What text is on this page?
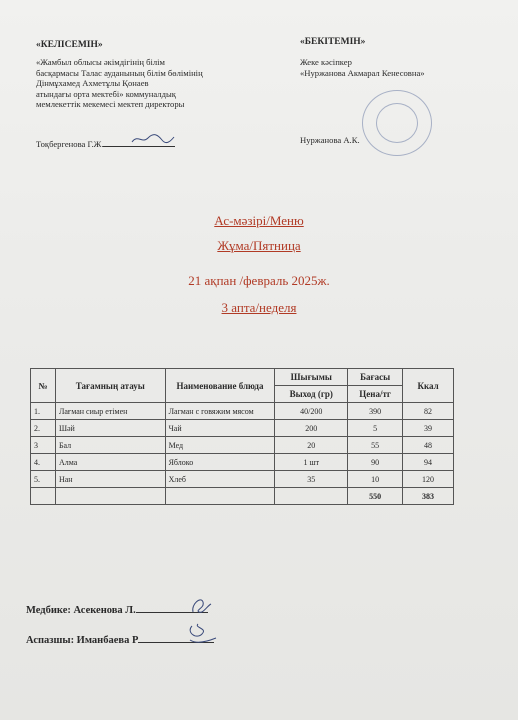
«КЕЛІСЕМІН»
«Жамбыл облысы әкімдігінің білім
басқармасы Талас ауданының білім бөлімінің
Дінмұхамед Ахметұлы Қонаев
атындағы орта мектебі» коммуналдық
мемлекеттік мекемесі мектеп директоры
Тоқбергенова Г.Ж.
«БЕКІТЕМІН»
Жеке кәсіпкер
«Нуржанова Акмарал Кенесовна»
Нуржанова А.К.
Ас-мәзірі/Меню
Жұма/Пятница
21 ақпан /февраль 2025ж.
3 апта/неделя
№	Тағамның атауы	Наименование блюда	Шығымы	Бағасы	Ккал
			Выход (гр)	Цена/тг	
1.	Лағман сиыр етімен	Лагман с говяжим мясом	40/200	390	82
2.	Шәй	Чай	200	5	39
3	Бал	Мед	20	55	48
4.	Алма	Яблоко	1 шт	90	94
5.	Нан	Хлеб	35	10	120
				550	383
Медбике: Асекенова Л.
Аспазшы: Иманбаева Р
